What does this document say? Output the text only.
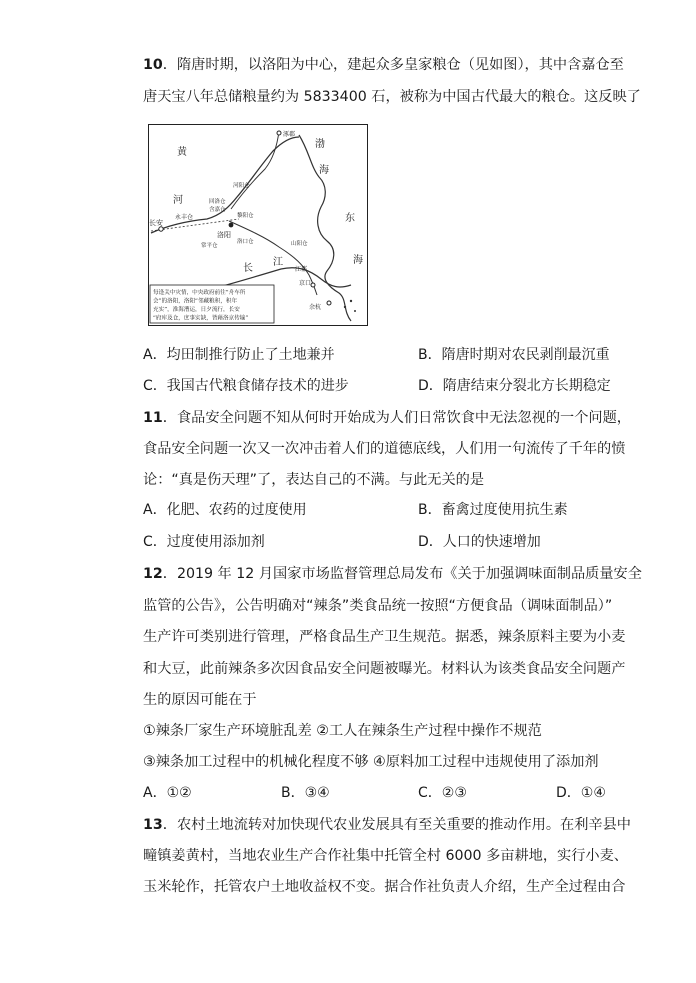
10．隋唐时期，以洛阳为中心，建起众多皇家粮仓（见如图），其中含嘉仓至
唐天宝八年总储粮量约为 5833400 石，被称为中国古代最大的粮仓。这反映了
黄
河
渤
海
东
海
长
江
涿郡
永丰仓
长安
洛阳
河阳仓
回洛仓
含嘉仓
黎阳仓
常平仓
洛口仓	山阳仓
江都
京口
余杭
每逢关中灾情，中央政府前往“舟车所
会”的洛阳，洛阳“邻藏粮积，积年
充实”，淮海漕运，日夕流行，长安
“府库及仓，庶事实缺，皆藉洛京传输”
A．均田制推行防止了土地兼并	B．隋唐时期对农民剥削最沉重
C．我国古代粮食储存技术的进步	D．隋唐结束分裂北方长期稳定
11．食品安全问题不知从何时开始成为人们日常饮食中无法忽视的一个问题，
食品安全问题一次又一次冲击着人们的道德底线，人们用一句流传了千年的愤
论：“真是伤天理”了，表达自己的不满。与此无关的是
A．化肥、农药的过度使用	B．畜禽过度使用抗生素
C．过度使用添加剂	D．人口的快速增加
12．2019 年 12 月国家市场监督管理总局发布《关于加强调味面制品质量安全
监管的公告》，公告明确对“辣条”类食品统一按照“方便食品（调味面制品）”
生产许可类别进行管理，严格食品生产卫生规范。据悉，辣条原料主要为小麦
和大豆，此前辣条多次因食品安全问题被曝光。材料认为该类食品安全问题产
生的原因可能在于
①辣条厂家生产环境脏乱差 ②工人在辣条生产过程中操作不规范
③辣条加工过程中的机械化程度不够 ④原料加工过程中违规使用了添加剂
A．①②	B．③④	C．②③	D．①④
13．农村土地流转对加快现代农业发展具有至关重要的推动作用。在利辛县中
疃镇姜黄村，当地农业生产合作社集中托管全村 6000 多亩耕地，实行小麦、
玉米轮作，托管农户土地收益权不变。据合作社负责人介绍，生产全过程由合
